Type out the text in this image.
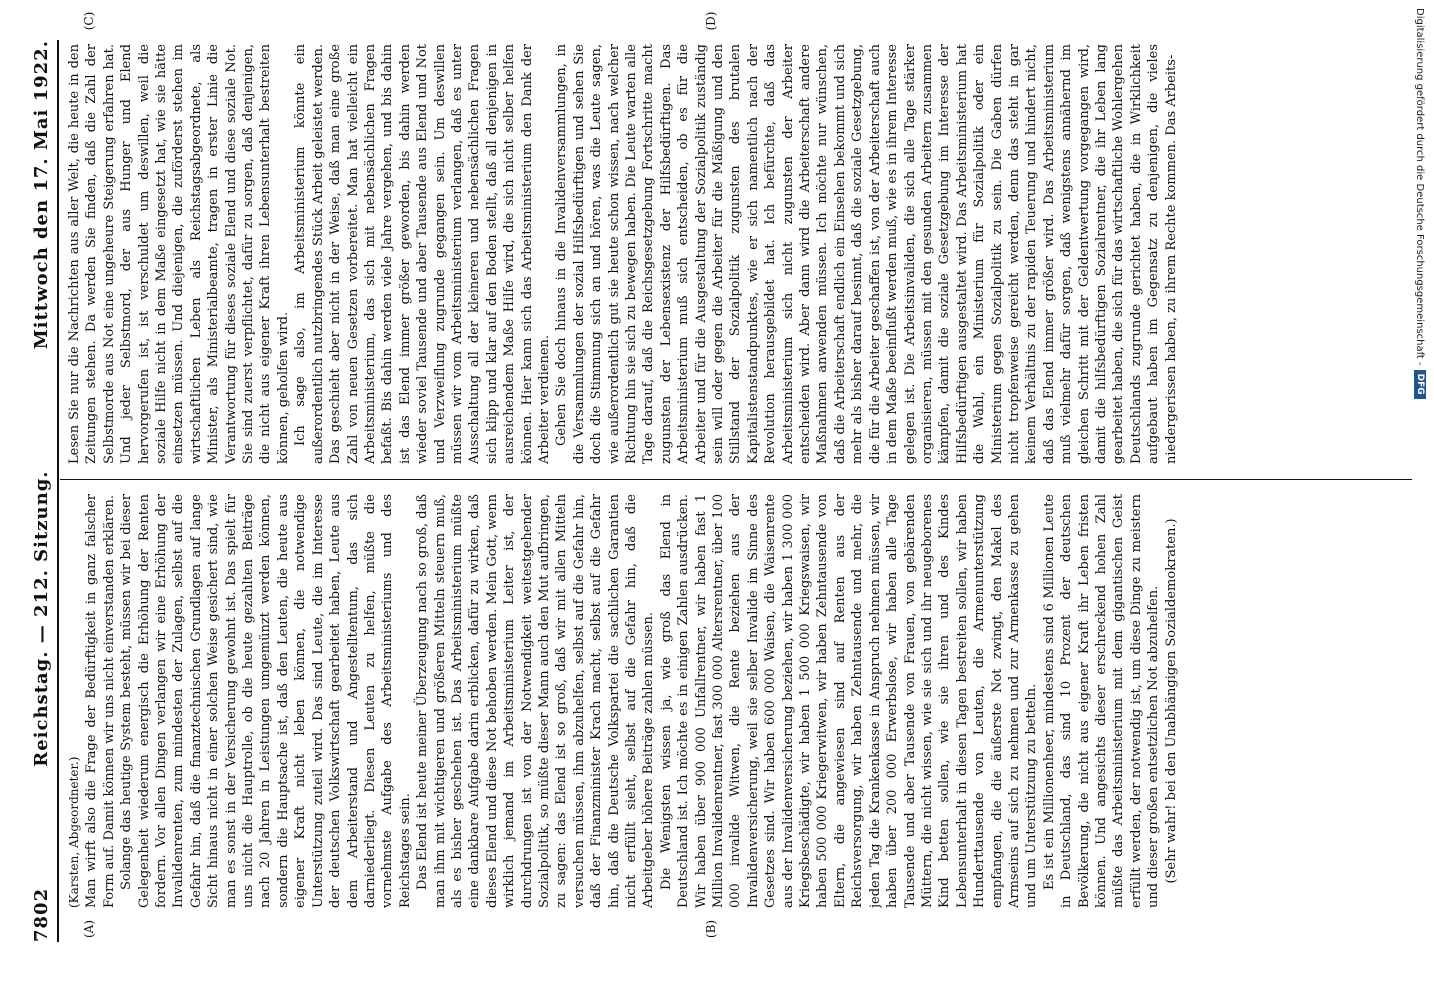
7802
Reichstag. — 212. Sitzung.
Mittwoch den 17. Mai 1922.
(A)	(B)
(C)	(D)

(Karsten, Abgeordneter.) Man wirft also die Frage der Bedürftigkeit in ganz falscher Form auf. Damit können wir uns nicht einverstanden erklären. Solange das heutige System besteht, müssen wir bei dieser Gelegenheit wiederum energisch die Erhöhung der Renten fordern. Vor allen Dingen verlangen wir eine Erhöhung der Invalidenrenten, zum mindesten der Zulagen, selbst auf die Gefahr hin, daß die finanztechnischen Grundlagen auf lange Sicht hinaus nicht in einer solchen Weise gesichert sind, wie man es sonst in der Versicherung gewohnt ist. Das spielt für uns nicht die Hauptrolle, ob die heute gezahlten Beiträge nach 20 Jahren in Leistungen umgemünzt werden können, sondern die Hauptsache ist, daß den Leuten, die heute aus eigener Kraft nicht leben können, die notwendige Unterstützung zuteil wird. Das sind Leute, die im Interesse der deutschen Volkswirtschaft gearbeitet haben, Leute aus dem Arbeiterstand und Angestelltentum, das sich darniederliegt. Diesen Leuten zu helfen, müßte die vornehmste Aufgabe des Arbeitsministeriums und des Reichstages sein. Das Elend ist heute meiner Überzeugung nach so groß, daß man ihm mit wichtigeren und größeren Mitteln steuern muß, als es bisher geschehen ist. Das Arbeitsministerium müßte eine dankbare Aufgabe darin erblicken, dafür zu wirken, daß dieses Elend und diese Not behoben werden. Mein Gott, wenn wirklich jemand im Arbeitsministerium Leiter ist, der durchdrungen ist von der Notwendigkeit weitestgehender Sozialpolitik, so müßte dieser Mann auch den Mut aufbringen, zu sagen: das Elend ist so groß, daß wir mit allen Mitteln versuchen müssen, ihm abzuhelfen, selbst auf die Gefahr hin, daß der Finanzminister Krach macht, selbst auf die Gefahr hin, daß die Deutsche Volkspartei die sachlichen Garantien nicht erfüllt sieht, selbst auf die Gefahr hin, daß die Arbeitgeber höhere Beiträge zahlen müssen. Die Wenigsten wissen ja, wie groß das Elend in Deutschland ist. Ich möchte es in einigen Zahlen ausdrücken. Wir haben über 900 000 Unfallrentner, wir haben fast 1 Million Invalidenrentner, fast 300 000 Altersrentner, über 100 000 invalide Witwen, die Rente beziehen aus der Invalidenversicherung, weil sie selber Invalide im Sinne des Gesetzes sind. Wir haben 600 000 Waisen, die Waisenrente aus der Invalidenversicherung beziehen, wir haben 1 300 000 Kriegsbeschädigte, wir haben 1 500 000 Kriegswaisen, wir haben 500 000 Kriegerwitwen, wir haben Zehntausende von Eltern, die angewiesen sind auf Renten aus der Reichsversorgung, wir haben Zehntausende und mehr, die jeden Tag die Krankenkasse in Anspruch nehmen müssen, wir haben über 200 000 Erwerbslose, wir haben alle Tage Tausende und aber Tausende von Frauen, von gebärenden Müttern, die nicht wissen, wie sie sich und ihr neugeborenes Kind betten sollen, wie sie ihren und des Kindes Lebensunterhalt in diesen Tagen bestreiten sollen, wir haben Hunderttausende von Leuten, die Armenunterstützung empfangen, die die äußerste Not zwingt, den Makel des Armseins auf sich zu nehmen und zur Armenkasse zu gehen und um Unterstützung zu betteln. Es ist ein Millionenheer, mindestens sind 6 Millionen Leute in Deutschland, das sind 10 Prozent der deutschen Bevölkerung, die nicht aus eigener Kraft ihr Leben fristen können. Und angesichts dieser erschreckend hohen Zahl müßte das Arbeitsministerium mit dem gigantischen Geist erfüllt werden, der notwendig ist, um diese Dinge zu meistern und dieser großen entsetzlichen Not abzuhelfen. (Sehr wahr! bei den Unabhängigen Sozialdemokraten.)

Lesen Sie nur die Nachrichten aus aller Welt, die heute in den Zeitungen stehen. Da werden Sie finden, daß die Zahl der Selbstmorde aus Not eine ungeheure Steigerung erfahren hat. Und jeder Selbstmord, der aus Hunger und Elend hervorgerufen ist, ist verschuldet um deswillen, weil die soziale Hilfe nicht in dem Maße eingesetzt hat, wie sie hätte einsetzen müssen. Und diejenigen, die zuförderst stehen im wirtschaftlichen Leben als Reichstagsabgeordnete, als Minister, als Ministerialbeamte, tragen in erster Linie die Verantwortung für dieses soziale Elend und diese soziale Not. Sie sind zuerst verpflichtet, dafür zu sorgen, daß denjenigen, die nicht aus eigener Kraft ihren Lebensunterhalt bestreiten können, geholfen wird. Ich sage also, im Arbeitsministerium könnte ein außerordentlich nutzbringendes Stück Arbeit geleistet werden. Das geschieht aber nicht in der Weise, daß man eine große Zahl von neuen Gesetzen vorbereitet. Man hat vielleicht ein Arbeitsministerium, das sich mit nebensächlichen Fragen befaßt. Bis dahin werden viele Jahre vergehen, und bis dahin ist das Elend immer größer geworden, bis dahin werden wieder soviel Tausende und aber Tausende aus Elend und Not und Verzweiflung zugrunde gegangen sein. Um deswillen müssen wir vom Arbeitsministerium verlangen, daß es unter Ausschaltung all der kleineren und nebensächlichen Fragen sich klipp und klar auf den Boden stellt, daß all denjenigen in ausreichendem Maße Hilfe wird, die sich nicht selber helfen können. Hier kann sich das Arbeitsministerium den Dank der Arbeiter verdienen. Gehen Sie doch hinaus in die Invalidenversammlungen, in die Versammlungen der sozial Hilfsbedürftigen und sehen Sie doch die Stimmung sich an und hören, was die Leute sagen, wie außerordentlich gut sie heute schon wissen, nach welcher Richtung hin sie sich zu bewegen haben. Die Leute warten alle Tage darauf, daß die Reichsgesetzgebung Fortschritte macht zugunsten der Lebensexistenz der Hilfsbedürftigen. Das Arbeitsministerium muß sich entscheiden, ob es für die Arbeiter und für die Ausgestaltung der Sozialpolitik zuständig sein will oder gegen die Arbeiter für die Mäßigung und den Stillstand der Sozialpolitik zugunsten des brutalen Kapitalistenstandpunktes, wie er sich namentlich nach der Revolution herausgebildet hat. Ich befürchte, daß das Arbeitsministerium sich nicht zugunsten der Arbeiter entscheiden wird. Aber dann wird die Arbeiterschaft andere Maßnahmen anwenden müssen. Ich möchte nur wünschen, daß die Arbeiterschaft endlich ein Einsehen bekommt und sich mehr als bisher darauf besinnt, daß die soziale Gesetzgebung, die für die Arbeiter geschaffen ist, von der Arbeiterschaft auch in dem Maße beeinflußt werden muß, wie es in ihrem Interesse gelegen ist. Die Arbeitsinvaliden, die sich alle Tage stärker organisieren, müssen mit den gesunden Arbeitern zusammen kämpfen, damit die soziale Gesetzgebung im Interesse der Hilfsbedürftigen ausgestaltet wird. Das Arbeitsministerium hat die Wahl, ein Ministerium für Sozialpolitik oder ein Ministerium gegen Sozialpolitik zu sein. Die Gaben dürfen nicht tropfenweise gereicht werden, denn das steht in gar keinem Verhältnis zu der rapiden Teuerung und hindert nicht, daß das Elend immer größer wird. Das Arbeitsministerium muß vielmehr dafür sorgen, daß wenigstens annähernd im gleichen Schritt mit der Geldentwertung vorgegangen wird, damit die hilfsbedürftigen Sozialrentner, die ihr Leben lang gearbeitet haben, die sich für das wirtschaftliche Wohlergehen Deutschlands zugrunde gerichtet haben, die in Wirklichkeit aufgebaut haben im Gegensatz zu denjenigen, die vieles niedergerissen haben, zu ihrem Rechte kommen. Das Arbeits-	Digitalisierung gefördert durch die Deutsche Forschungsgemeinschaft -
DFG
